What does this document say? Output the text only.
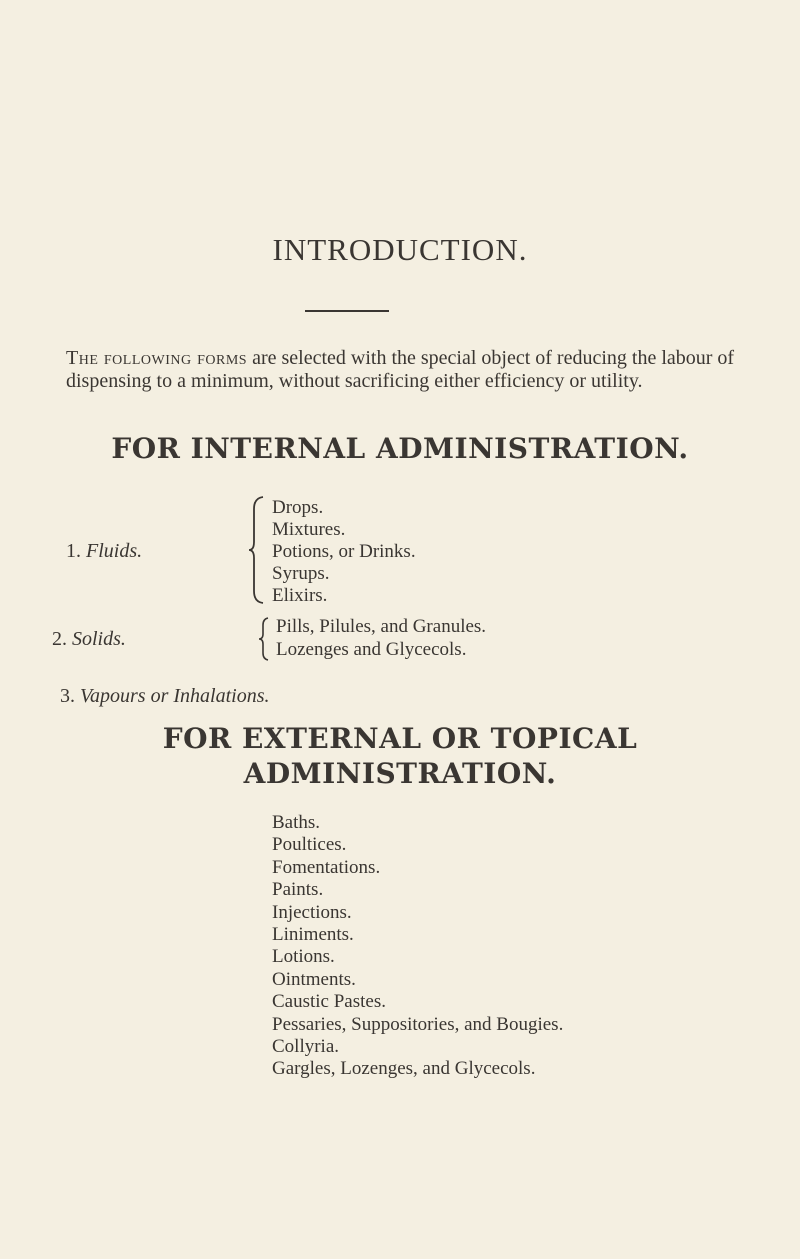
INTRODUCTION.
The following forms are selected with the special object of reducing the labour of dispensing to a minimum, without sacrificing either efficiency or utility.
FOR INTERNAL ADMINISTRATION.
1. Fluids.
Drops.
Mixtures.
Potions, or Drinks.
Syrups.
Elixirs.
2. Solids.
Pills, Pilules, and Granules.
Lozenges and Glycecols.
3. Vapours or Inhalations.
FOR EXTERNAL OR TOPICAL
ADMINISTRATION.
Baths.
Poultices.
Fomentations.
Paints.
Injections.
Liniments.
Lotions.
Ointments.
Caustic Pastes.
Pessaries, Suppositories, and Bougies.
Collyria.
Gargles, Lozenges, and Glycecols.
